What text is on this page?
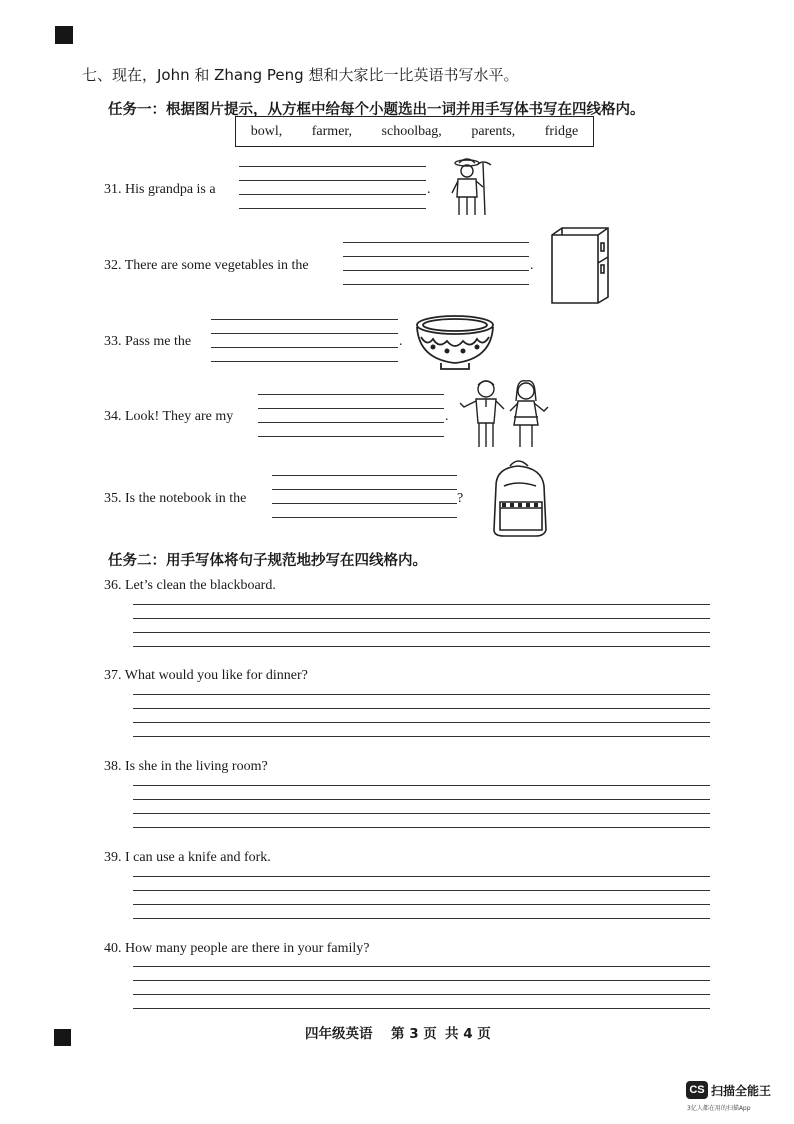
七、现在，John 和 Zhang Peng 想和大家比一比英语书写水平。
任务一：根据图片提示，从方框中给每个小题选出一词并用手写体书写在四线格内。
bowl, farmer, schoolbag, parents, fridge
31. His grandpa is a	.
32. There are some vegetables in the	.
33. Pass me the	.
34. Look! They are my	.
35. Is the notebook in the	?
任务二：用手写体将句子规范地抄写在四线格内。
36. Let’s clean the blackboard.
37. What would you like for dinner?
38. Is she in the living room?
39. I can use a knife and fork.
40. How many people are there in your family?
四年级英语 第 3 页 共 4 页
CS 扫描全能王
3亿人都在用的扫描App
